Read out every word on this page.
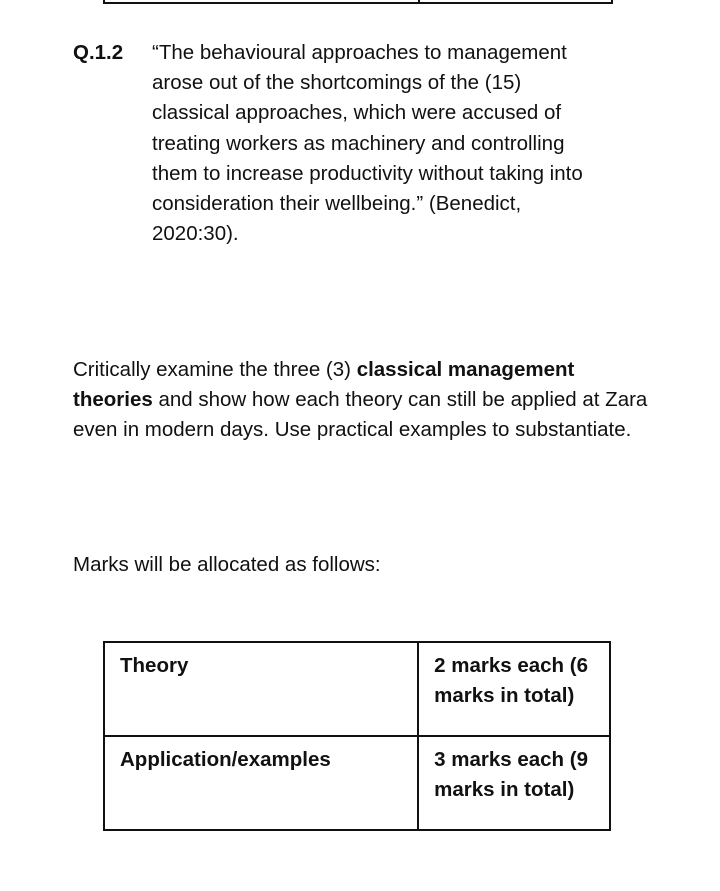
Q.1.2 “The behavioural approaches to management arose out of the shortcomings of the (15) classical approaches, which were accused of treating workers as machinery and controlling them to increase productivity without taking into consideration their wellbeing.” (Benedict, 2020:30).
Critically examine the three (3) classical management theories and show how each theory can still be applied at Zara even in modern days. Use practical examples to substantiate.
Marks will be allocated as follows:
Theory	2 marks each (6 marks in total)
Application/examples	3 marks each (9 marks in total)
